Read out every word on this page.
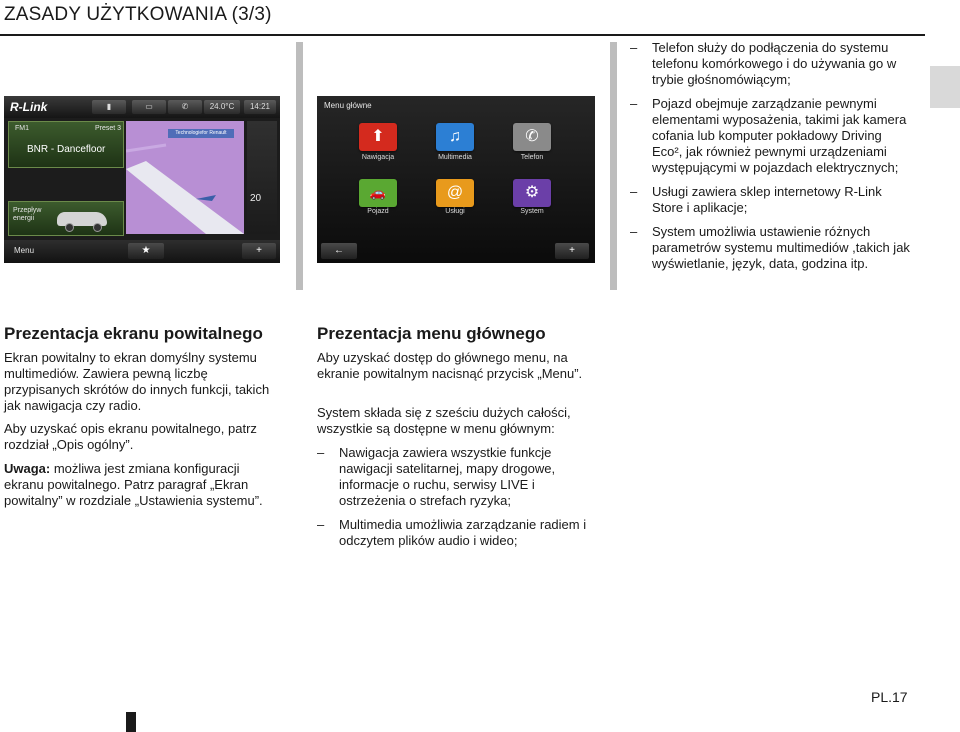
ZASADY UŻYTKOWANIA (3/3)
R-Link	▮	▭	✆	24.0°C	14:21
FM1	Preset 3
BNR - Dancefloor
Przepływ energii
Technologiefor Renault
20
Menu	★	+
Menu główne
⬆
Nawigacja
♫
Multimedia
✆
Telefon
🚗
Pojazd
@
Usługi
⚙
System
←	+
– Telefon służy do podłączenia do systemu telefonu komórkowego i do używania go w trybie głośnomówiącym;
– Pojazd obejmuje zarządzanie pewnymi elementami wyposażenia, takimi jak kamera cofania lub komputer pokładowy Driving Eco², jak również pewnymi urządzeniami występującymi w pojazdach elektrycznych;
– Usługi zawiera sklep internetowy R-Link Store i aplikacje;
– System umożliwia ustawienie różnych parametrów systemu multimediów ,takich jak wyświetlanie, język, data, godzina itp.
Prezentacja ekranu powitalnego

Ekran powitalny to ekran domyślny systemu multimediów. Zawiera pewną liczbę przypisanych skrótów do innych funkcji, takich jak nawigacja czy radio.

Aby uzyskać opis ekranu powitalnego, patrz rozdział „Opis ogólny”.

Uwaga: możliwa jest zmiana konfiguracji ekranu powitalnego. Patrz paragraf „Ekran powitalny” w rozdziale „Ustawienia systemu”.

Prezentacja menu głównego

Aby uzyskać dostęp do głównego menu, na ekranie powitalnym nacisnąć przycisk „Menu”.

System składa się z sześciu dużych całości, wszystkie są dostępne w menu głównym:

– Nawigacja zawiera wszystkie funkcje nawigacji satelitarnej, mapy drogowe, informacje o ruchu, serwisy LIVE i ostrzeżenia o strefach ryzyka;
– Multimedia umożliwia zarządzanie radiem i odczytem plików audio i wideo;
PL.17
